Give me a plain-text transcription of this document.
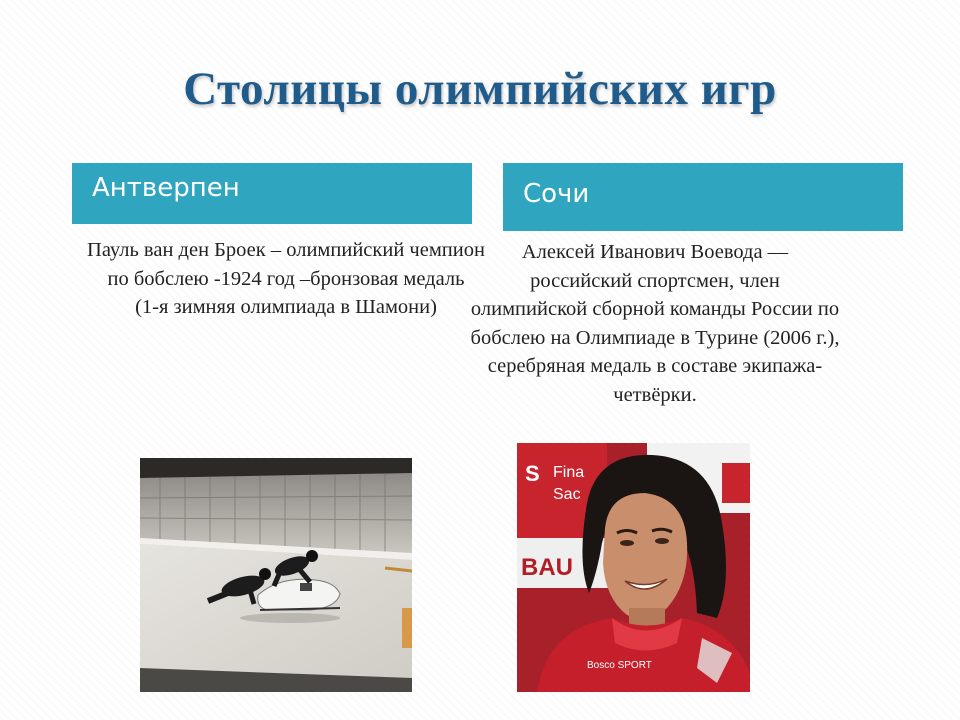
Столицы олимпийских игр
Антверпен	Сочи

Пауль ван ден Броек – олимпийский чемпион по бобслею -1924 год –бронзовая медаль

(1-я зимняя олимпиада в Шамони)

Алексей Иванович Воевода — российский спортсмен, член олимпийской сборной команды России по бобслею на Олимпиаде в Турине (2006 г.), серебряная медаль в составе экипажа-четвёрки.

S Fina
Sac
BAU
Bosco SPORT
